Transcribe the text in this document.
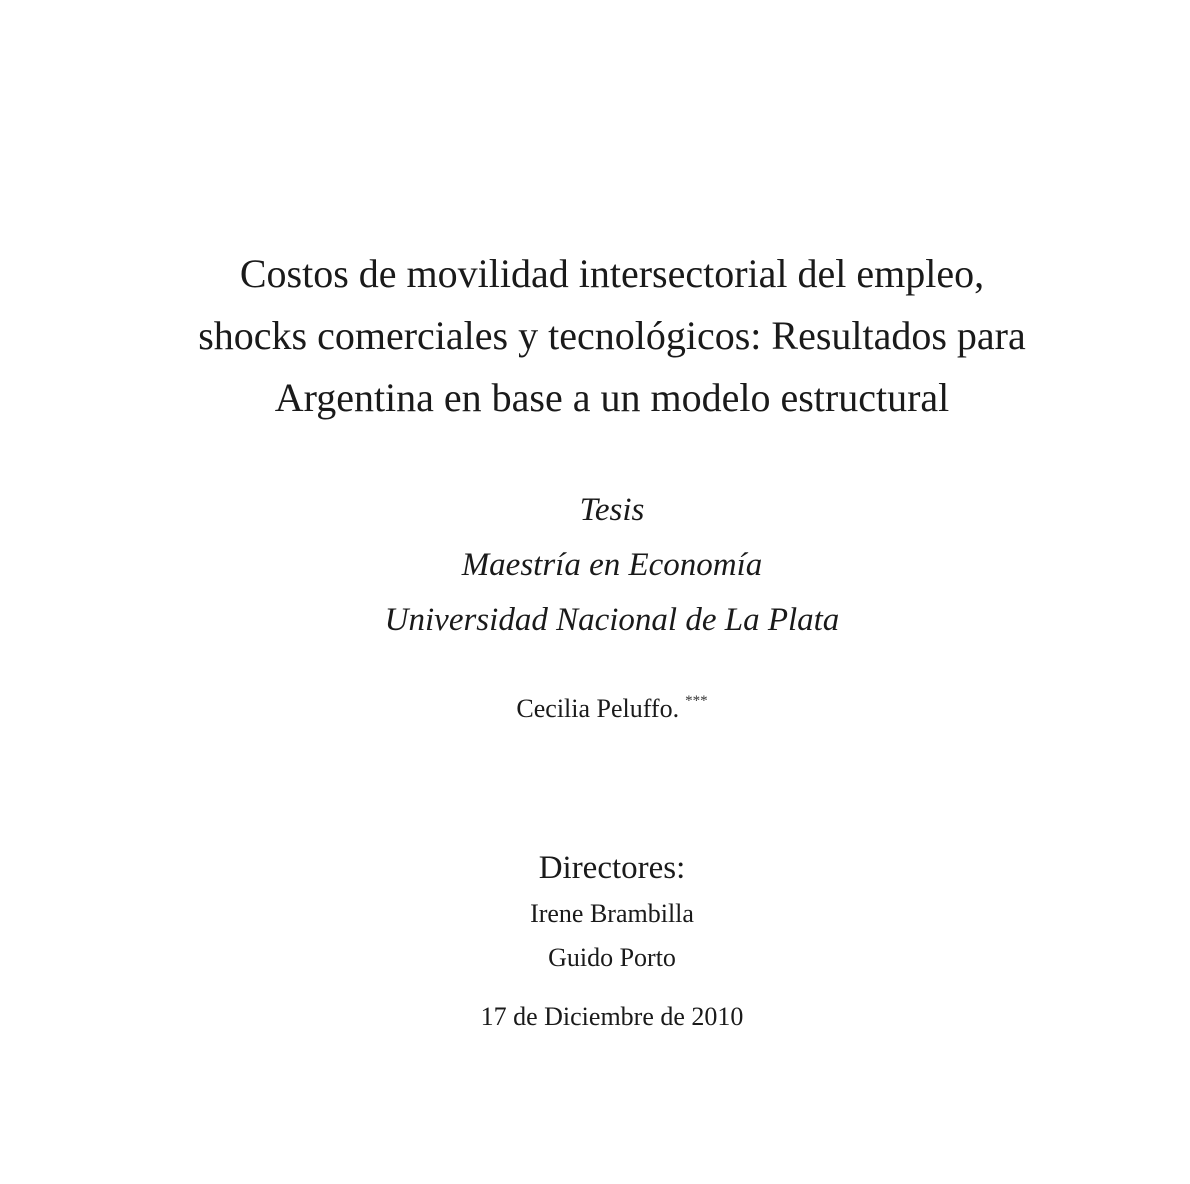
Costos de movilidad intersectorial del empleo,
shocks comerciales y tecnológicos: Resultados para
Argentina en base a un modelo estructural
Tesis
Maestría en Economía
Universidad Nacional de La Plata
Cecilia Peluffo. ***
Directores:
Irene Brambilla
Guido Porto
17 de Diciembre de 2010
